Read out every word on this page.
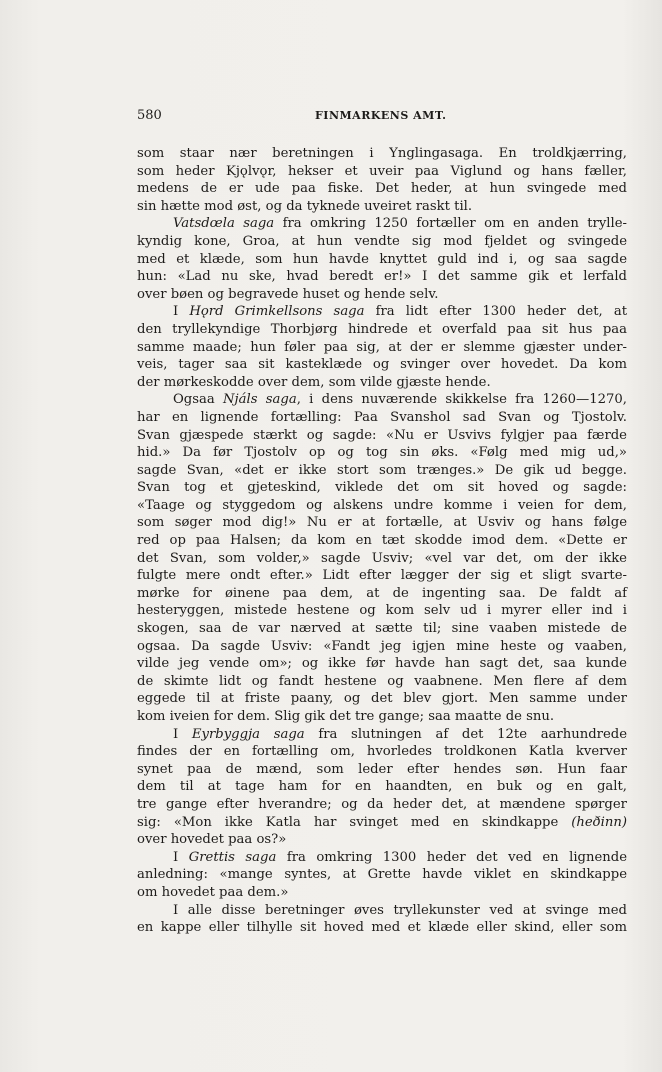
580	FINMARKENS AMT.
som staar nær beretningen i Ynglingasaga. En troldkjærring,
som heder Kjǫlvǫr, hekser et uveir paa Viglund og hans fæller,
medens de er ude paa fiske. Det heder, at hun svingede med
sin hætte mod øst, og da tyknede uveiret raskt til.
Vatsdœla saga fra omkring 1250 fortæller om en anden trylle-
kyndig kone, Groa, at hun vendte sig mod fjeldet og svingede
med et klæde, som hun havde knyttet guld ind i, og saa sagde
hun: «Lad nu ske, hvad beredt er!» I det samme gik et lerfald
over bøen og begravede huset og hende selv.
I Hǫrd Grimkellsons saga fra lidt efter 1300 heder det, at
den tryllekyndige Thorbjørg hindrede et overfald paa sit hus paa
samme maade; hun føler paa sig, at der er slemme gjæster under-
veis, tager saa sit kasteklæde og svinger over hovedet. Da kom
der mørkeskodde over dem, som vilde gjæste hende.
Ogsaa Njáls saga, i dens nuværende skikkelse fra 1260—1270,
har en lignende fortælling: Paa Svanshol sad Svan og Tjostolv.
Svan gjæspede stærkt og sagde: «Nu er Usvivs fylgjer paa færde
hid.» Da før Tjostolv op og tog sin øks. «Følg med mig ud,»
sagde Svan, «det er ikke stort som trænges.» De gik ud begge.
Svan tog et gjeteskind, viklede det om sit hoved og sagde:
«Taage og styggedom og alskens undre komme i veien for dem,
som søger mod dig!» Nu er at fortælle, at Usviv og hans følge
red op paa Halsen; da kom en tæt skodde imod dem. «Dette er
det Svan, som volder,» sagde Usviv; «vel var det, om der ikke
fulgte mere ondt efter.» Lidt efter lægger der sig et sligt svarte-
mørke for øinene paa dem, at de ingenting saa. De faldt af
hesteryggen, mistede hestene og kom selv ud i myrer eller ind i
skogen, saa de var nærved at sætte til; sine vaaben mistede de
ogsaa. Da sagde Usviv: «Fandt jeg igjen mine heste og vaaben,
vilde jeg vende om»; og ikke før havde han sagt det, saa kunde
de skimte lidt og fandt hestene og vaabnene. Men flere af dem
eggede til at friste paany, og det blev gjort. Men samme under
kom iveien for dem. Slig gik det tre gange; saa maatte de snu.
I Eyrbyggja saga fra slutningen af det 12te aarhundrede
findes der en fortælling om, hvorledes troldkonen Katla kverver
synet paa de mænd, som leder efter hendes søn. Hun faar
dem til at tage ham for en haandten, en buk og en galt,
tre gange efter hverandre; og da heder det, at mændene spørger
sig: «Mon ikke Katla har svinget med en skindkappe (heðinn)
over hovedet paa os?»
I Grettis saga fra omkring 1300 heder det ved en lignende
anledning: «mange syntes, at Grette havde viklet en skindkappe
om hovedet paa dem.»
I alle disse beretninger øves tryllekunster ved at svinge med
en kappe eller tilhylle sit hoved med et klæde eller skind, eller som
